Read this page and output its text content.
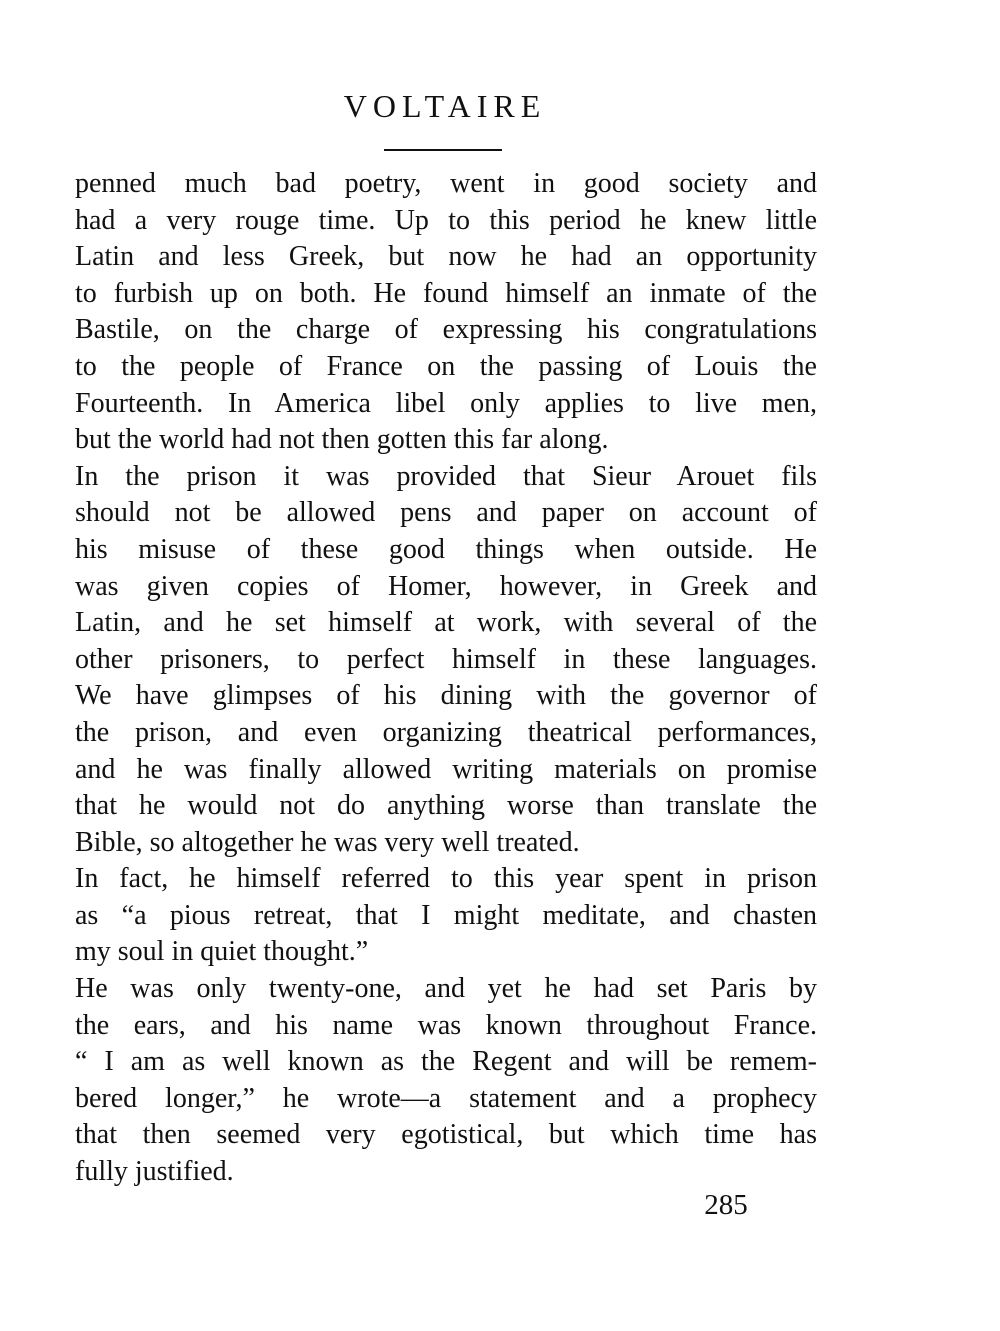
VOLTAIRE
penned much bad poetry, went in good society and
had a very rouge time. Up to this period he knew little
Latin and less Greek, but now he had an opportunity
to furbish up on both. He found himself an inmate of the
Bastile, on the charge of expressing his congratulations
to the people of France on the passing of Louis the
Fourteenth. In America libel only applies to live men,
but the world had not then gotten this far along.
In the prison it was provided that Sieur Arouet fils
should not be allowed pens and paper on account of
his misuse of these good things when outside. He
was given copies of Homer, however, in Greek and
Latin, and he set himself at work, with several of the
other prisoners, to perfect himself in these languages.
We have glimpses of his dining with the governor of
the prison, and even organizing theatrical performances,
and he was finally allowed writing materials on promise
that he would not do anything worse than translate the
Bible, so altogether he was very well treated.
In fact, he himself referred to this year spent in prison
as “a pious retreat, that I might meditate, and chasten
my soul in quiet thought.”
He was only twenty-one, and yet he had set Paris by
the ears, and his name was known throughout France.
“ I am as well known as the Regent and will be remem-
bered longer,” he wrote—a statement and a prophecy
that then seemed very egotistical, but which time has
fully justified.
285
